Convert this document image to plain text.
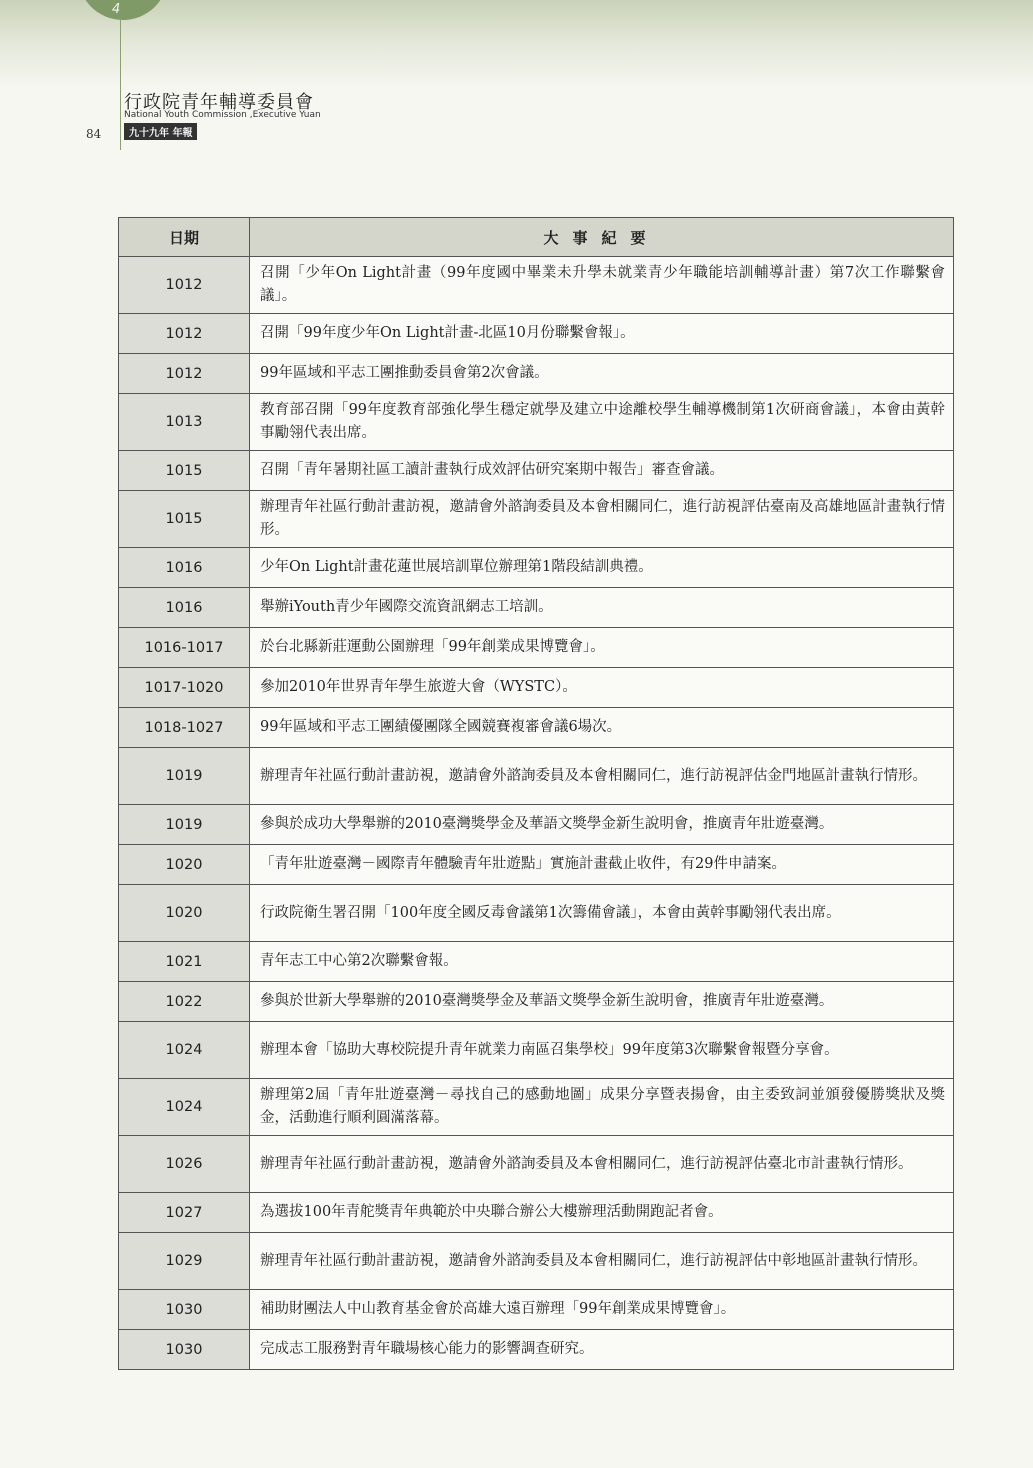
4
行政院青年輔導委員會
National Youth Commission ,Executive Yuan
九十九年 年報
84
日期	大事紀要
1012	召開「少年On Light計畫（99年度國中畢業未升學未就業青少年職能培訓輔導計畫）第7次工作聯繫會議」。
1012	召開「99年度少年On Light計畫-北區10月份聯繫會報」。
1012	99年區域和平志工團推動委員會第2次會議。
1013	教育部召開「99年度教育部強化學生穩定就學及建立中途離校學生輔導機制第1次研商會議」，本會由黃幹事勵翎代表出席。
1015	召開「青年暑期社區工讀計畫執行成效評估研究案期中報告」審查會議。
1015	辦理青年社區行動計畫訪視，邀請會外諮詢委員及本會相關同仁，進行訪視評估臺南及高雄地區計畫執行情形。
1016	少年On Light計畫花蓮世展培訓單位辦理第1階段結訓典禮。
1016	舉辦iYouth青少年國際交流資訊網志工培訓。
1016-1017	於台北縣新莊運動公園辦理「99年創業成果博覽會」。
1017-1020	參加2010年世界青年學生旅遊大會（WYSTC）。
1018-1027	99年區域和平志工團績優團隊全國競賽複審會議6場次。
1019	辦理青年社區行動計畫訪視，邀請會外諮詢委員及本會相關同仁，進行訪視評估金門地區計畫執行情形。
1019	參與於成功大學舉辦的2010臺灣獎學金及華語文獎學金新生說明會，推廣青年壯遊臺灣。
1020	「青年壯遊臺灣－國際青年體驗青年壯遊點」實施計畫截止收件，有29件申請案。
1020	行政院衛生署召開「100年度全國反毒會議第1次籌備會議」，本會由黃幹事勵翎代表出席。
1021	青年志工中心第2次聯繫會報。
1022	參與於世新大學舉辦的2010臺灣獎學金及華語文獎學金新生說明會，推廣青年壯遊臺灣。
1024	辦理本會「協助大專校院提升青年就業力南區召集學校」99年度第3次聯繫會報暨分享會。
1024	辦理第2屆「青年壯遊臺灣－尋找自己的感動地圖」成果分享暨表揚會，由主委致詞並頒發優勝獎狀及獎金，活動進行順利圓滿落幕。
1026	辦理青年社區行動計畫訪視，邀請會外諮詢委員及本會相關同仁，進行訪視評估臺北市計畫執行情形。
1027	為選拔100年青舵獎青年典範於中央聯合辦公大樓辦理活動開跑記者會。
1029	辦理青年社區行動計畫訪視，邀請會外諮詢委員及本會相關同仁，進行訪視評估中彰地區計畫執行情形。
1030	補助財團法人中山教育基金會於高雄大遠百辦理「99年創業成果博覽會」。
1030	完成志工服務對青年職場核心能力的影響調查研究。
